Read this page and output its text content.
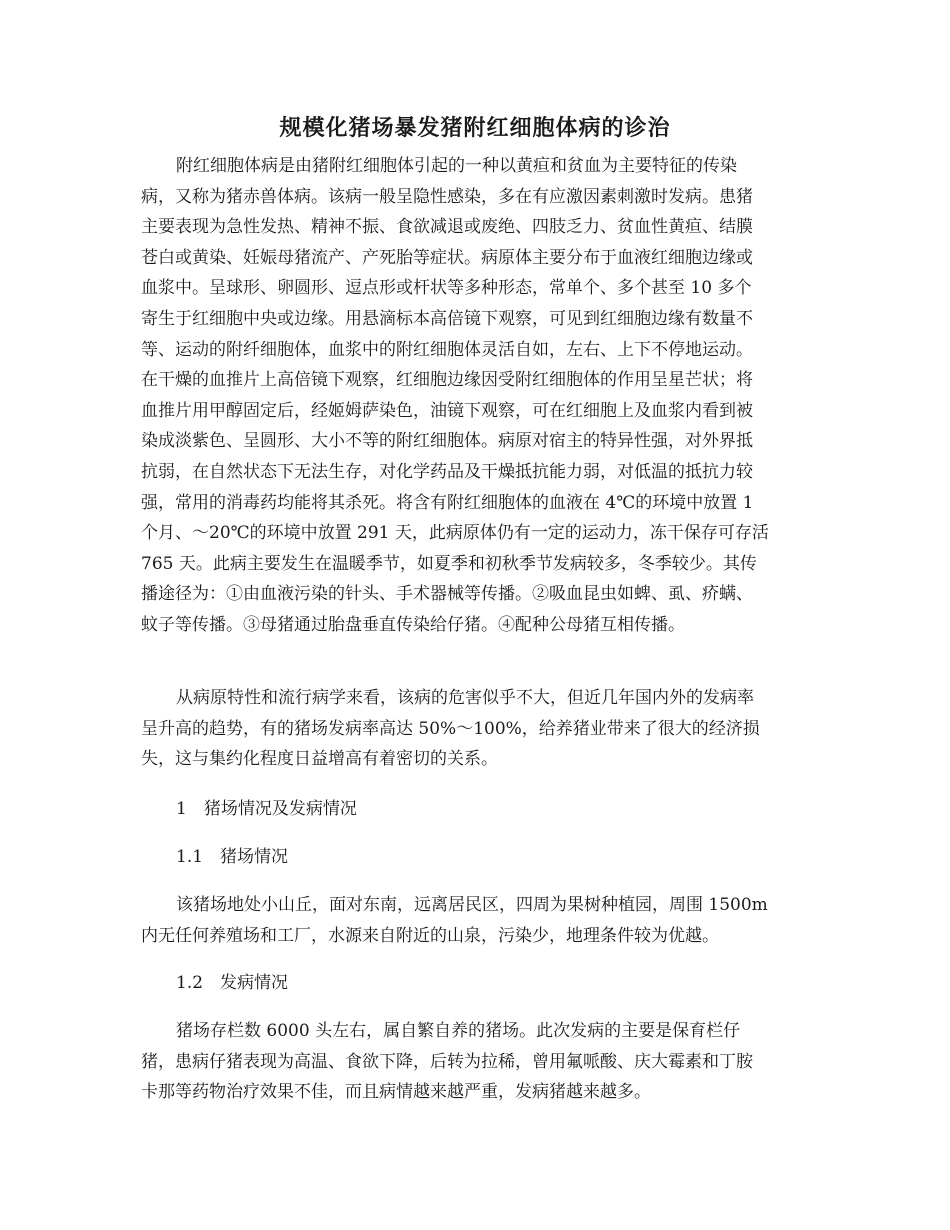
规模化猪场暴发猪附红细胞体病的诊治
附红细胞体病是由猪附红细胞体引起的一种以黄疸和贫血为主要特征的传染
病，又称为猪赤兽体病。该病一般呈隐性感染，多在有应激因素刺激时发病。患猪
主要表现为急性发热、精神不振、食欲减退或废绝、四肢乏力、贫血性黄疸、结膜
苍白或黄染、妊娠母猪流产、产死胎等症状。病原体主要分布于血液红细胞边缘或
血浆中。呈球形、卵圆形、逗点形或杆状等多种形态，常单个、多个甚至 10 多个
寄生于红细胞中央或边缘。用悬滴标本高倍镜下观察，可见到红细胞边缘有数量不
等、运动的附纤细胞体，血浆中的附红细胞体灵活自如，左右、上下不停地运动。
在干燥的血推片上高倍镜下观察，红细胞边缘因受附红细胞体的作用呈星芒状；将
血推片用甲醇固定后，经姬姆萨染色，油镜下观察，可在红细胞上及血浆内看到被
染成淡紫色、呈圆形、大小不等的附红细胞体。病原对宿主的特异性强，对外界抵
抗弱，在自然状态下无法生存，对化学药品及干燥抵抗能力弱，对低温的抵抗力较
强，常用的消毒药均能将其杀死。将含有附红细胞体的血液在 4℃的环境中放置 1
个月、～20℃的环境中放置 291 天，此病原体仍有一定的运动力，冻干保存可存活
765 天。此病主要发生在温暖季节，如夏季和初秋季节发病较多，冬季较少。其传
播途径为：①由血液污染的针头、手术器械等传播。②吸血昆虫如蜱、虱、疥螨、
蚊子等传播。③母猪通过胎盘垂直传染给仔猪。④配种公母猪互相传播。
从病原特性和流行病学来看，该病的危害似乎不大，但近几年国内外的发病率
呈升高的趋势，有的猪场发病率高达 50%～100%，给养猪业带来了很大的经济损
失，这与集约化程度日益增高有着密切的关系。
1　猪场情况及发病情况
1.1　猪场情况
该猪场地处小山丘，面对东南，远离居民区，四周为果树种植园，周围 1500m
内无任何养殖场和工厂，水源来自附近的山泉，污染少，地理条件较为优越。
1.2　发病情况
猪场存栏数 6000 头左右，属自繁自养的猪场。此次发病的主要是保育栏仔
猪，患病仔猪表现为高温、食欲下降，后转为拉稀，曾用氟哌酸、庆大霉素和丁胺
卡那等药物治疗效果不佳，而且病情越来越严重，发病猪越来越多。
